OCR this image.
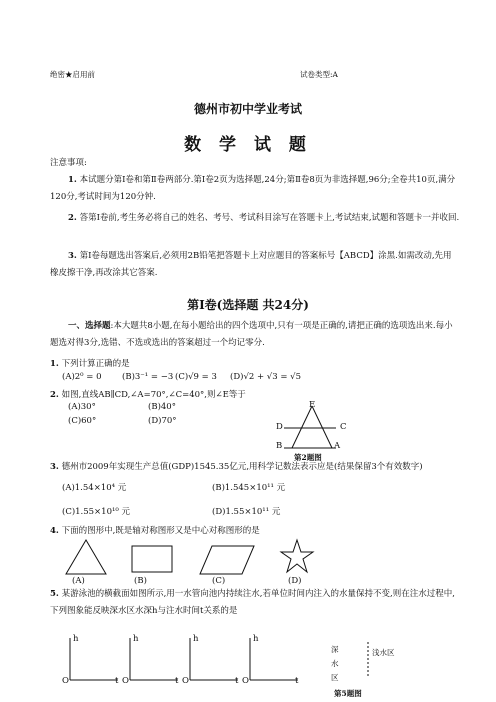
绝密★启用前	试卷类型:A
德州市初中学业考试
数 学 试 题
注意事项:
1. 本试题分第Ⅰ卷和第Ⅱ卷两部分.第Ⅰ卷2页为选择题,24分;第Ⅱ卷8页为非选择题,96分;全卷共10页,满分120分,考试时间为120分钟.
2. 答第Ⅰ卷前,考生务必将自己的姓名、考号、考试科目涂写在答题卡上,考试结束,试题和答题卡一并收回.
3. 第Ⅰ卷每题选出答案后,必须用2B铅笔把答题卡上对应题目的答案标号【ABCD】涂黑.如需改动,先用橡皮擦干净,再改涂其它答案.
第Ⅰ卷(选择题 共24分)
一、选择题:本大题共8小题,在每小题给出的四个选项中,只有一项是正确的,请把正确的选项选出来.每小题选对得3分,选错、不选或选出的答案超过一个均记零分.
1. 下列计算正确的是
(A)2⁰ = 0 (B)3⁻¹ = −3 (C)√9 = 3 (D)√2 + √3 = √5
2. 如图,直线AB∥CD,∠A=70°,∠C=40°,则∠E等于
(A)30°	(B)40°
(C)60°	(D)70°
E
D	C
B	A
第2题图
3. 德州市2009年实现生产总值(GDP)1545.35亿元,用科学记数法表示应是(结果保留3个有效数字)
(A)1.54×10⁴ 元	(B)1.545×10¹¹ 元
(C)1.55×10¹⁰ 元	(D)1.55×10¹¹ 元
4. 下面的图形中,既是轴对称图形又是中心对称图形的是
(A)	(B)	(C)	(D)
5. 某游泳池的横截面如图所示,用一水管向池内持续注水,若单位时间内注入的水量保持不变,则在注水过程中,下列图象能反映深水区水深h与注水时间t关系的是
h	h	h	h
O	O	O	O
t	t	t	t
深水区
浅水区
第5题图
